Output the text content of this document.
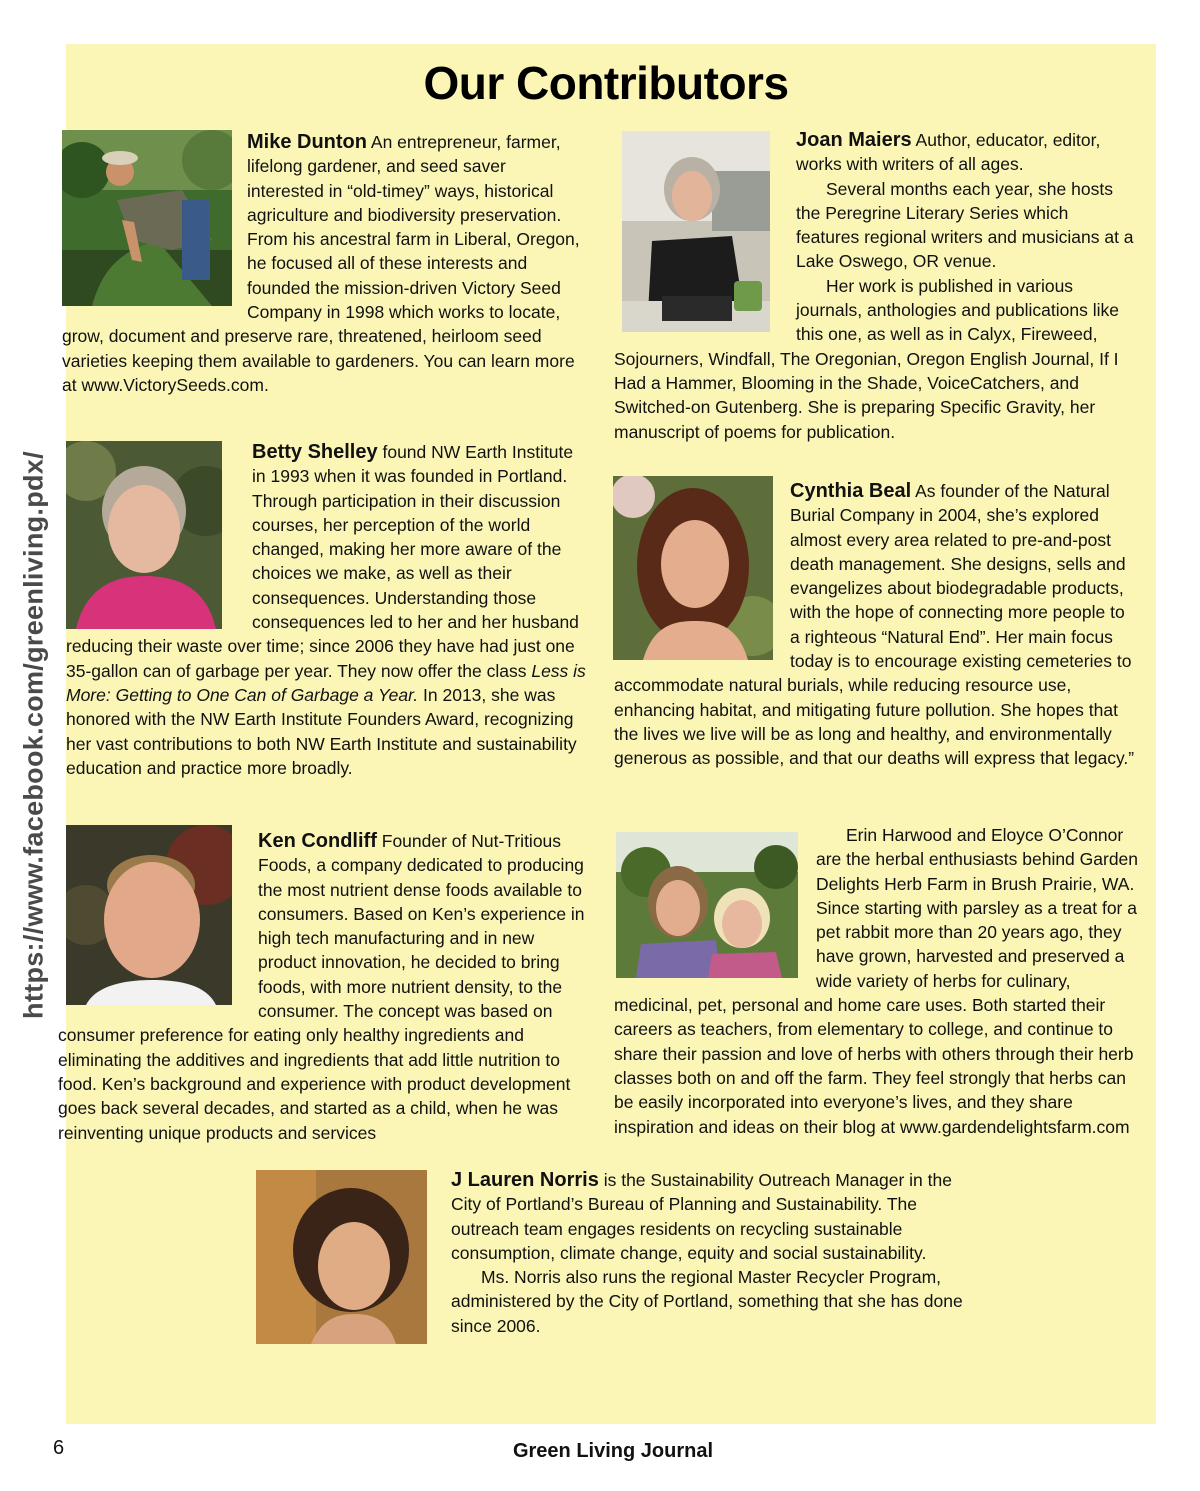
https://www.facebook.com/greenliving.pdx/
Our Contributors

Mike Dunton An entrepreneur, farmer, lifelong gardener, and seed saver interested in “old-timey” ways, historical agriculture and biodiversity preservation. From his ancestral farm in Liberal, Oregon, he focused all of these interests and founded the mission-driven Victory Seed Company in 1998 which works to locate, grow, document and preserve rare, threatened, heirloom seed varieties keeping them available to gardeners. You can learn more at www.VictorySeeds.com.

Joan Maiers Author, educator, editor, works with writers of all ages.

Several months each year, she hosts the Peregrine Literary Series which features regional writers and musicians at a Lake Oswego, OR venue.

Her work is published in various journals, anthologies and publications like this one, as well as in Calyx, Fireweed, Sojourners, Windfall, The Oregonian, Oregon English Journal, If I Had a Hammer, Blooming in the Shade, VoiceCatchers, and Switched-on Gutenberg. She is preparing Specific Gravity, her manuscript of poems for publication.

Betty Shelley found NW Earth Institute in 1993 when it was founded in Portland. Through participation in their discussion courses, her perception of the world changed, making her more aware of the choices we make, as well as their consequences. Understanding those consequences led to her and her husband reducing their waste over time; since 2006 they have had just one 35-gallon can of garbage per year. They now offer the class Less is More: Getting to One Can of Garbage a Year. In 2013, she was honored with the NW Earth Institute Founders Award, recognizing her vast contributions to both NW Earth Institute and sustainability education and practice more broadly.

Cynthia Beal As founder of the Natural Burial Company in 2004, she’s explored almost every area related to pre-and-post death management. She designs, sells and evangelizes about biodegradable products, with the hope of connecting more people to a righteous “Natural End”. Her main focus today is to encourage existing cemeteries to accommodate natural burials, while reducing resource use, enhancing habitat, and mitigating future pollution. She hopes that the lives we live will be as long and healthy, and environmentally generous as possible, and that our deaths will express that legacy.”

Ken Condliff Founder of Nut-Tritious Foods, a company dedicated to producing the most nutrient dense foods available to consumers. Based on Ken’s experience in high tech manufacturing and in new product innovation, he decided to bring foods, with more nutrient density, to the consumer. The concept was based on consumer preference for eating only healthy ingredients and eliminating the additives and ingredients that add little nutrition to food. Ken’s background and experience with product development goes back several decades, and started as a child, when he was reinventing unique products and services

Erin Harwood and Eloyce O’Connor are the herbal enthusiasts behind Garden Delights Herb Farm in Brush Prairie, WA. Since starting with parsley as a treat for a pet rabbit more than 20 years ago, they have grown, harvested and preserved a wide variety of herbs for culinary, medicinal, pet, personal and home care uses. Both started their careers as teachers, from elementary to college, and continue to share their passion and love of herbs with others through their herb classes both on and off the farm. They feel strongly that herbs can be easily incorporated into everyone’s lives, and they share inspiration and ideas on their blog at www.gardendelightsfarm.com

J Lauren Norris is the Sustainability Outreach Manager in the City of Portland’s Bureau of Planning and Sustainability. The outreach team engages residents on recycling sustainable consumption, climate change, equity and social sustainability.

Ms. Norris also runs the regional Master Recycler Program, administered by the City of Portland, something that she has done since 2006.

6	Green Living Journal
